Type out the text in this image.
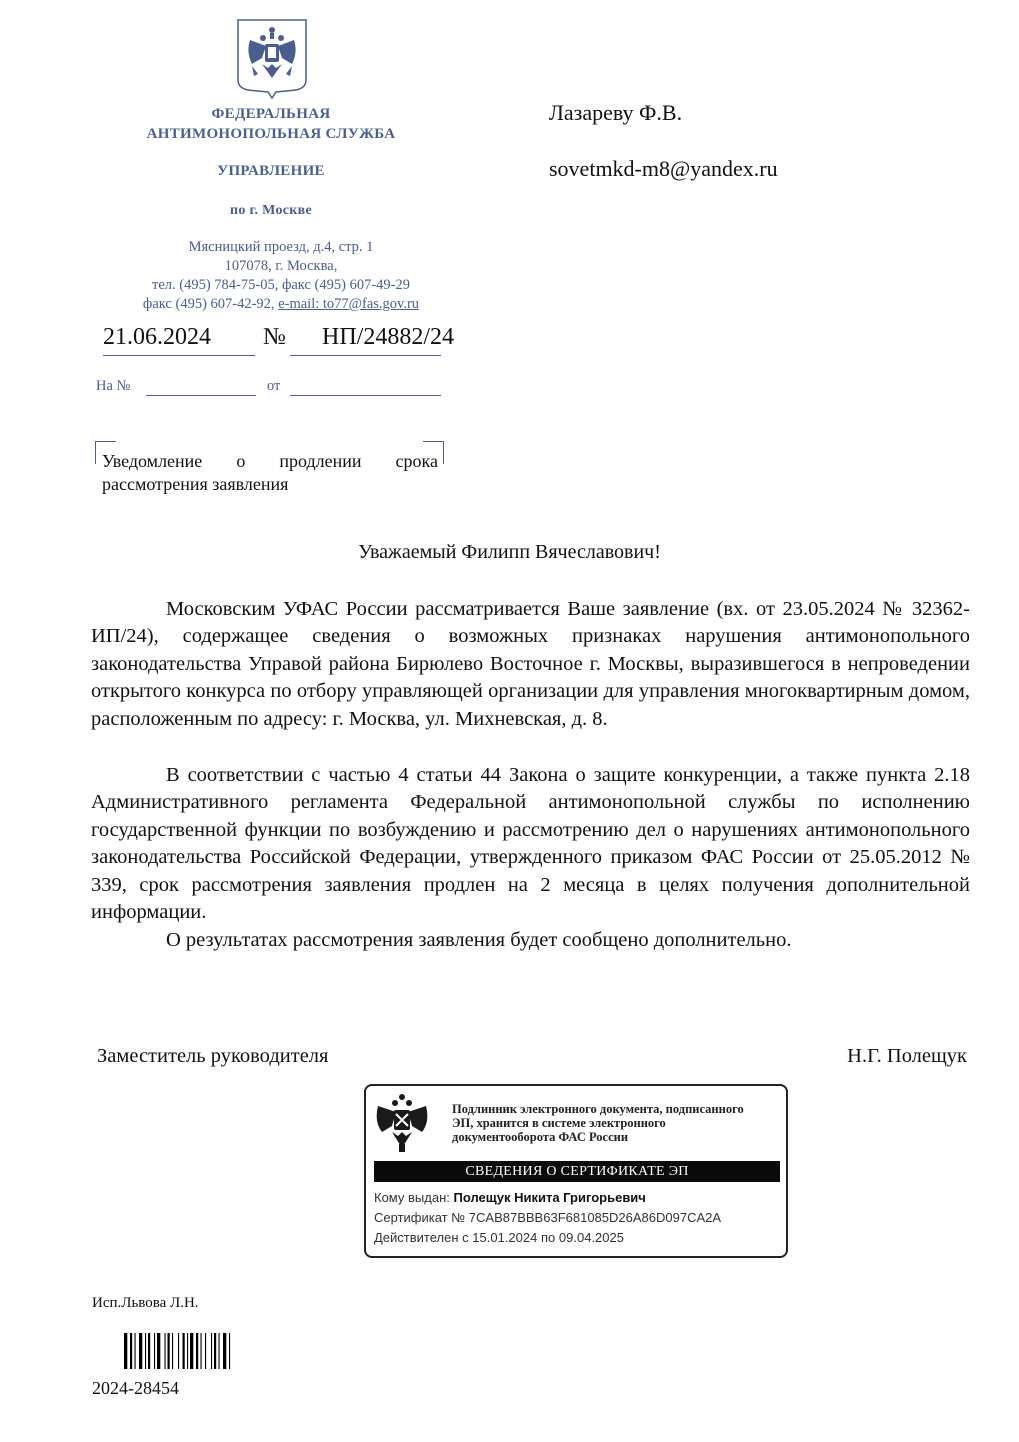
ФЕДЕРАЛЬНАЯ
АНТИМОНОПОЛЬНАЯ СЛУЖБА
УПРАВЛЕНИЕ
по г. Москве
Мясницкий проезд, д.4, стр. 1
107078, г. Москва,
тел. (495) 784-75-05, факс (495) 607-49-29
факс (495) 607-42-92, e-mail: to77@fas.gov.ru
21.06.2024 № НП/24882/24
На №	от
Уведомление о продлении срока
рассмотрения заявления
Лазареву Ф.В.
sovetmkd-m8@yandex.ru
Уважаемый Филипп Вячеславович!
Московским УФАС России рассматривается Ваше заявление (вх. от 23.05.2024 № 32362-ИП/24), содержащее сведения о возможных признаках нарушения антимонопольного законодательства Управой района Бирюлево Восточное г. Москвы, выразившегося в непроведении открытого конкурса по отбору управляющей организации для управления многоквартирным домом, расположенным по адресу: г. Москва, ул. Михневская, д. 8.
В соответствии с частью 4 статьи 44 Закона о защите конкуренции, а также пункта 2.18 Административного регламента Федеральной антимонопольной службы по исполнению государственной функции по возбуждению и рассмотрению дел о нарушениях антимонопольного законодательства Российской Федерации, утвержденного приказом ФАС России от 25.05.2012 № 339, срок рассмотрения заявления продлен на 2 месяца в целях получения дополнительной информации.
О результатах рассмотрения заявления будет сообщено дополнительно.
Заместитель руководителя	Н.Г. Полещук
Подлинник электронного документа, подписанного
ЭП, хранится в системе электронного
документооборота ФАС России
СВЕДЕНИЯ О СЕРТИФИКАТЕ ЭП
Кому выдан: Полещук Никита Григорьевич
Сертификат № 7CAB87BBB63F681085D26A86D097CA2A
Действителен с 15.01.2024 по 09.04.2025
Исп.Львова Л.Н.
2024-28454
